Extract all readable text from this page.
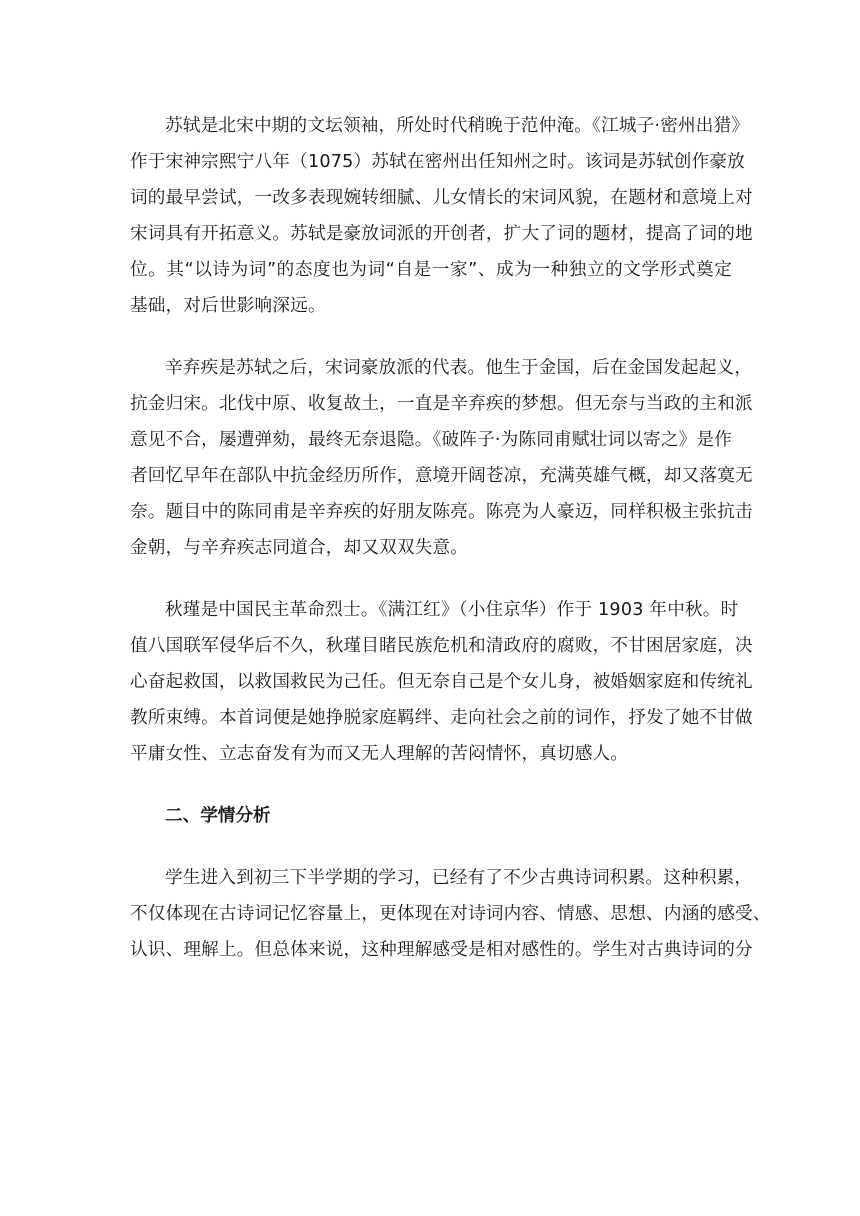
苏轼是北宋中期的文坛领袖，所处时代稍晚于范仲淹。《江城子·密州出猎》
作于宋神宗熙宁八年（1075）苏轼在密州出任知州之时。该词是苏轼创作豪放
词的最早尝试，一改多表现婉转细腻、儿女情长的宋词风貌，在题材和意境上对
宋词具有开拓意义。苏轼是豪放词派的开创者，扩大了词的题材，提高了词的地
位。其“以诗为词”的态度也为词“自是一家”、成为一种独立的文学形式奠定
基础，对后世影响深远。
辛弃疾是苏轼之后，宋词豪放派的代表。他生于金国，后在金国发起起义，
抗金归宋。北伐中原、收复故土，一直是辛弃疾的梦想。但无奈与当政的主和派
意见不合，屡遭弹劾，最终无奈退隐。《破阵子·为陈同甫赋壮词以寄之》是作
者回忆早年在部队中抗金经历所作，意境开阔苍凉，充满英雄气概，却又落寞无
奈。题目中的陈同甫是辛弃疾的好朋友陈亮。陈亮为人豪迈，同样积极主张抗击
金朝，与辛弃疾志同道合，却又双双失意。
秋瑾是中国民主革命烈士。《满江红》（小住京华）作于 1903 年中秋。时
值八国联军侵华后不久，秋瑾目睹民族危机和清政府的腐败，不甘困居家庭，决
心奋起救国，以救国救民为己任。但无奈自己是个女儿身，被婚姻家庭和传统礼
教所束缚。本首词便是她挣脱家庭羁绊、走向社会之前的词作，抒发了她不甘做
平庸女性、立志奋发有为而又无人理解的苦闷情怀，真切感人。
二、学情分析
学生进入到初三下半学期的学习，已经有了不少古典诗词积累。这种积累，
不仅体现在古诗词记忆容量上，更体现在对诗词内容、情感、思想、内涵的感受、
认识、理解上。但总体来说，这种理解感受是相对感性的。学生对古典诗词的分
